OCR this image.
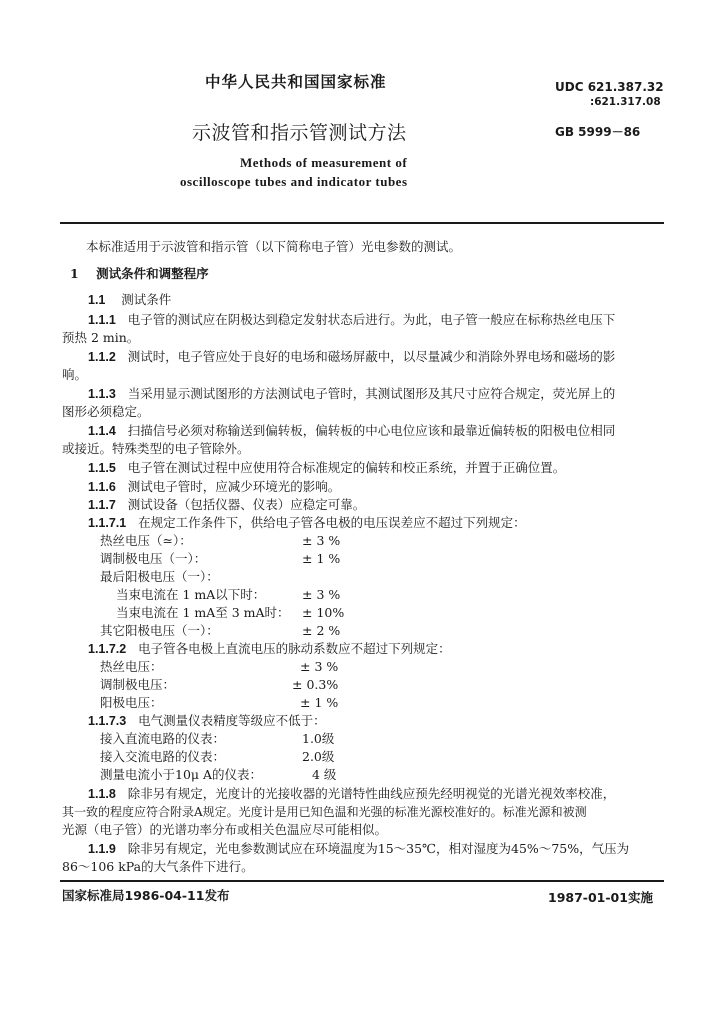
中华人民共和国国家标准	UDC 621.387.32
:621.317.08
示波管和指示管测试方法	GB 5999－86
Methods of measurement of
oscilloscope tubes and indicator tubes
本标准适用于示波管和指示管（以下简称电子管）光电参数的测试。
1 测试条件和调整程序
1.1 测试条件
1.1.1 电子管的测试应在阴极达到稳定发射状态后进行。为此，电子管一般应在标称热丝电压下
预热 2 min。
1.1.2 测试时，电子管应处于良好的电场和磁场屏蔽中，以尽量减少和消除外界电场和磁场的影
响。
1.1.3 当采用显示测试图形的方法测试电子管时，其测试图形及其尺寸应符合规定，荧光屏上的
图形必须稳定。
1.1.4 扫描信号必须对称输送到偏转板，偏转板的中心电位应该和最靠近偏转板的阳极电位相同
或接近。特殊类型的电子管除外。
1.1.5 电子管在测试过程中应使用符合标准规定的偏转和校正系统，并置于正确位置。
1.1.6 测试电子管时，应减少环境光的影响。
1.1.7 测试设备（包括仪器、仪表）应稳定可靠。
1.1.7.1 在规定工作条件下，供给电子管各电极的电压误差应不超过下列规定：
热丝电压（≃）：	± 3 %
调制极电压（一）：	± 1 %
最后阳极电压（一）：
当束电流在 1 mA以下时：	± 3 %
当束电流在 1 mA至 3 mA时： ± 10%
其它阳极电压（一）：	± 2 %
1.1.7.2 电子管各电极上直流电压的脉动系数应不超过下列规定：
热丝电压：	± 3 %
调制极电压：	± 0.3%
阳极电压：	± 1 %
1.1.7.3 电气测量仪表精度等级应不低于：
接入直流电路的仪表：	1.0级
接入交流电路的仪表：	2.0级
测量电流小于10μ A的仪表：	4 级
1.1.8 除非另有规定，光度计的光接收器的光谱特性曲线应预先经明视觉的光谱光视效率校准，
其一致的程度应符合附录A规定。光度计是用已知色温和光强的标准光源校准好的。标准光源和被测
光源（电子管）的光谱功率分布或相关色温应尽可能相似。
1.1.9 除非另有规定，光电参数测试应在环境温度为15～35℃，相对湿度为45%～75%，气压为
86～106 kPa的大气条件下进行。
国家标准局1986-04-11发布	1987-01-01实施
